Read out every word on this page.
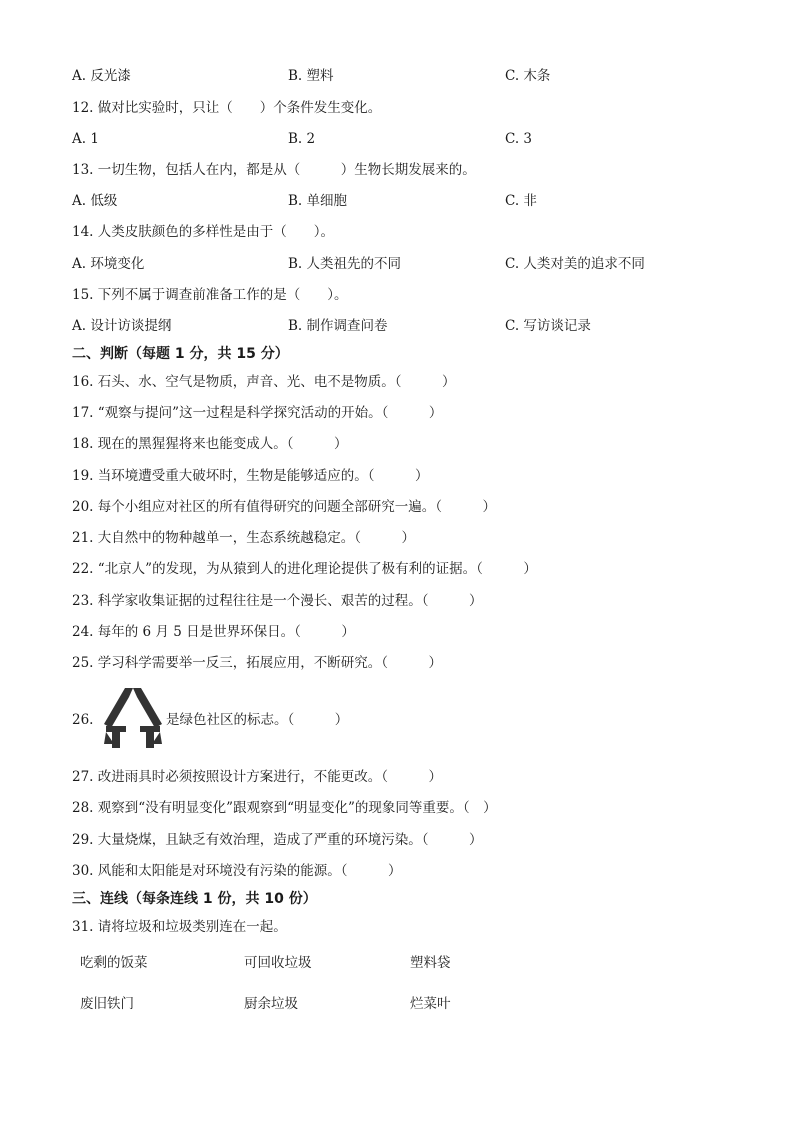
A. 反光漆	B. 塑料	C. 木条
12. 做对比实验时，只让（　　）个条件发生变化。
A. 1	B. 2	C. 3
13. 一切生物，包括人在内，都是从（　　　）生物长期发展来的。
A. 低级	B. 单细胞	C. 非
14. 人类皮肤颜色的多样性是由于（　　）。
A. 环境变化	B. 人类祖先的不同	C. 人类对美的追求不同
15. 下列不属于调查前准备工作的是（　　）。
A. 设计访谈提纲	B. 制作调查问卷	C. 写访谈记录
二、判断（每题 1 分，共 15 分）
16. 石头、水、空气是物质，声音、光、电不是物质。（　　　）
17. “观察与提问”这一过程是科学探究活动的开始。（　　　）
18. 现在的黑猩猩将来也能变成人。（　　　）
19. 当环境遭受重大破坏时，生物是能够适应的。（　　　）
20. 每个小组应对社区的所有值得研究的问题全部研究一遍。（　　　）
21. 大自然中的物种越单一，生态系统越稳定。（　　　）
22. “北京人”的发现，为从猿到人的进化理论提供了极有利的证据。（　　　）
23. 科学家收集证据的过程往往是一个漫长、艰苦的过程。（　　　）
24. 每年的 6 月 5 日是世界环保日。（　　　）
25. 学习科学需要举一反三，拓展应用，不断研究。（　　　）
26.	是绿色社区的标志。（　　　）
27. 改进雨具时必须按照设计方案进行，不能更改。（　　　）
28. 观察到“没有明显变化”跟观察到“明显变化”的现象同等重要。（　）
29. 大量烧煤，且缺乏有效治理，造成了严重的环境污染。（　　　）
30. 风能和太阳能是对环境没有污染的能源。（　　　）
三、连线（每条连线 1 份，共 10 份）
31. 请将垃圾和垃圾类别连在一起。
吃剩的饭菜	可回收垃圾	塑料袋
废旧铁门	厨余垃圾	烂菜叶
